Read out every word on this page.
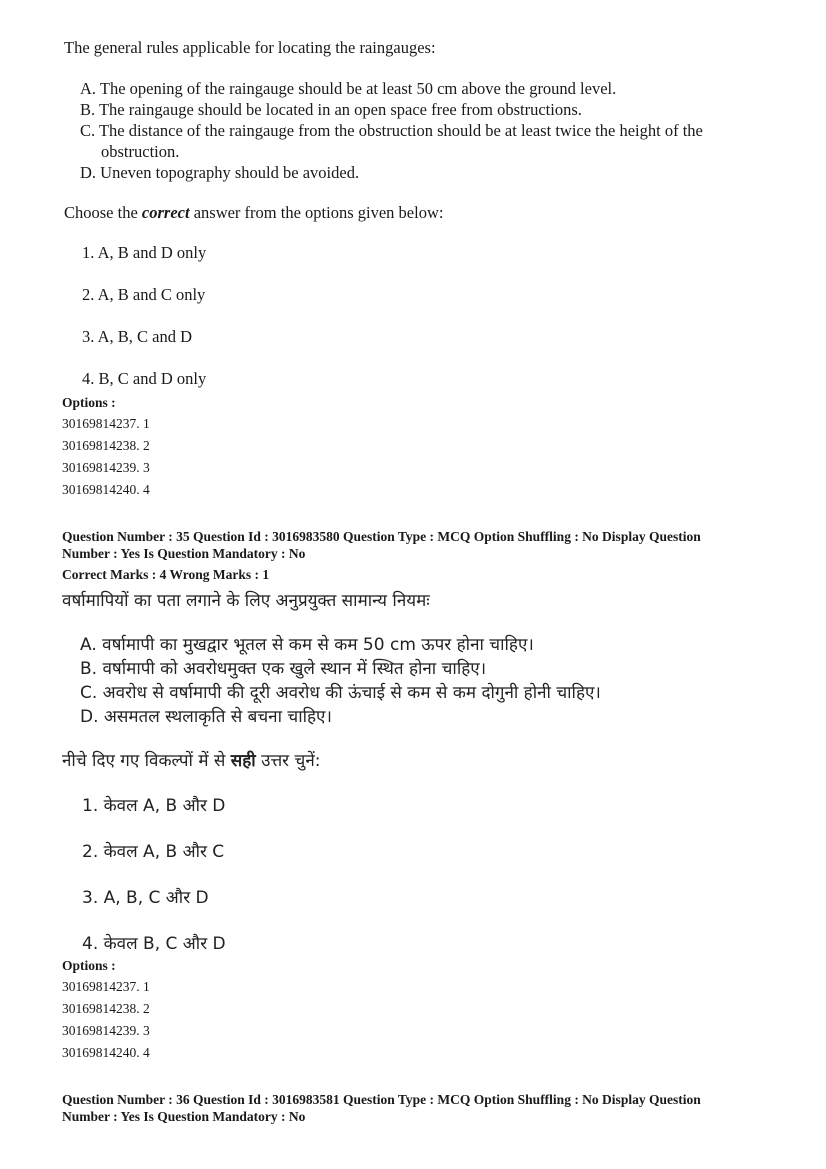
The general rules applicable for locating the raingauges:
A. The opening of the raingauge should be at least 50 cm above the ground level.
B. The raingauge should be located in an open space free from obstructions.
C. The distance of the raingauge from the obstruction should be at least twice the height of the
obstruction.
D. Uneven topography should be avoided.
Choose the correct answer from the options given below:
1. A, B and D only
2. A, B and C only
3. A, B, C and D
4. B, C and D only
Options :
30169814237. 1
30169814238. 2
30169814239. 3
30169814240. 4
Question Number : 35 Question Id : 3016983580 Question Type : MCQ Option Shuffling : No Display Question
Number : Yes Is Question Mandatory : No
Correct Marks : 4 Wrong Marks : 1
वर्षामापियों का पता लगाने के लिए अनुप्रयुक्त सामान्य नियमः
A. वर्षामापी का मुखद्वार भूतल से कम से कम 50 cm ऊपर होना चाहिए।
B. वर्षामापी को अवरोधमुक्त एक खुले स्थान में स्थित होना चाहिए।
C. अवरोध से वर्षामापी की दूरी अवरोध की ऊंचाई से कम से कम दोगुनी होनी चाहिए।
D. असमतल स्थलाकृति से बचना चाहिए।
नीचे दिए गए विकल्पों में से सही उत्तर चुनें:
1. केवल A, B और D
2. केवल A, B और C
3. A, B, C और D
4. केवल B, C और D
Options :
30169814237. 1
30169814238. 2
30169814239. 3
30169814240. 4
Question Number : 36 Question Id : 3016983581 Question Type : MCQ Option Shuffling : No Display Question
Number : Yes Is Question Mandatory : No
